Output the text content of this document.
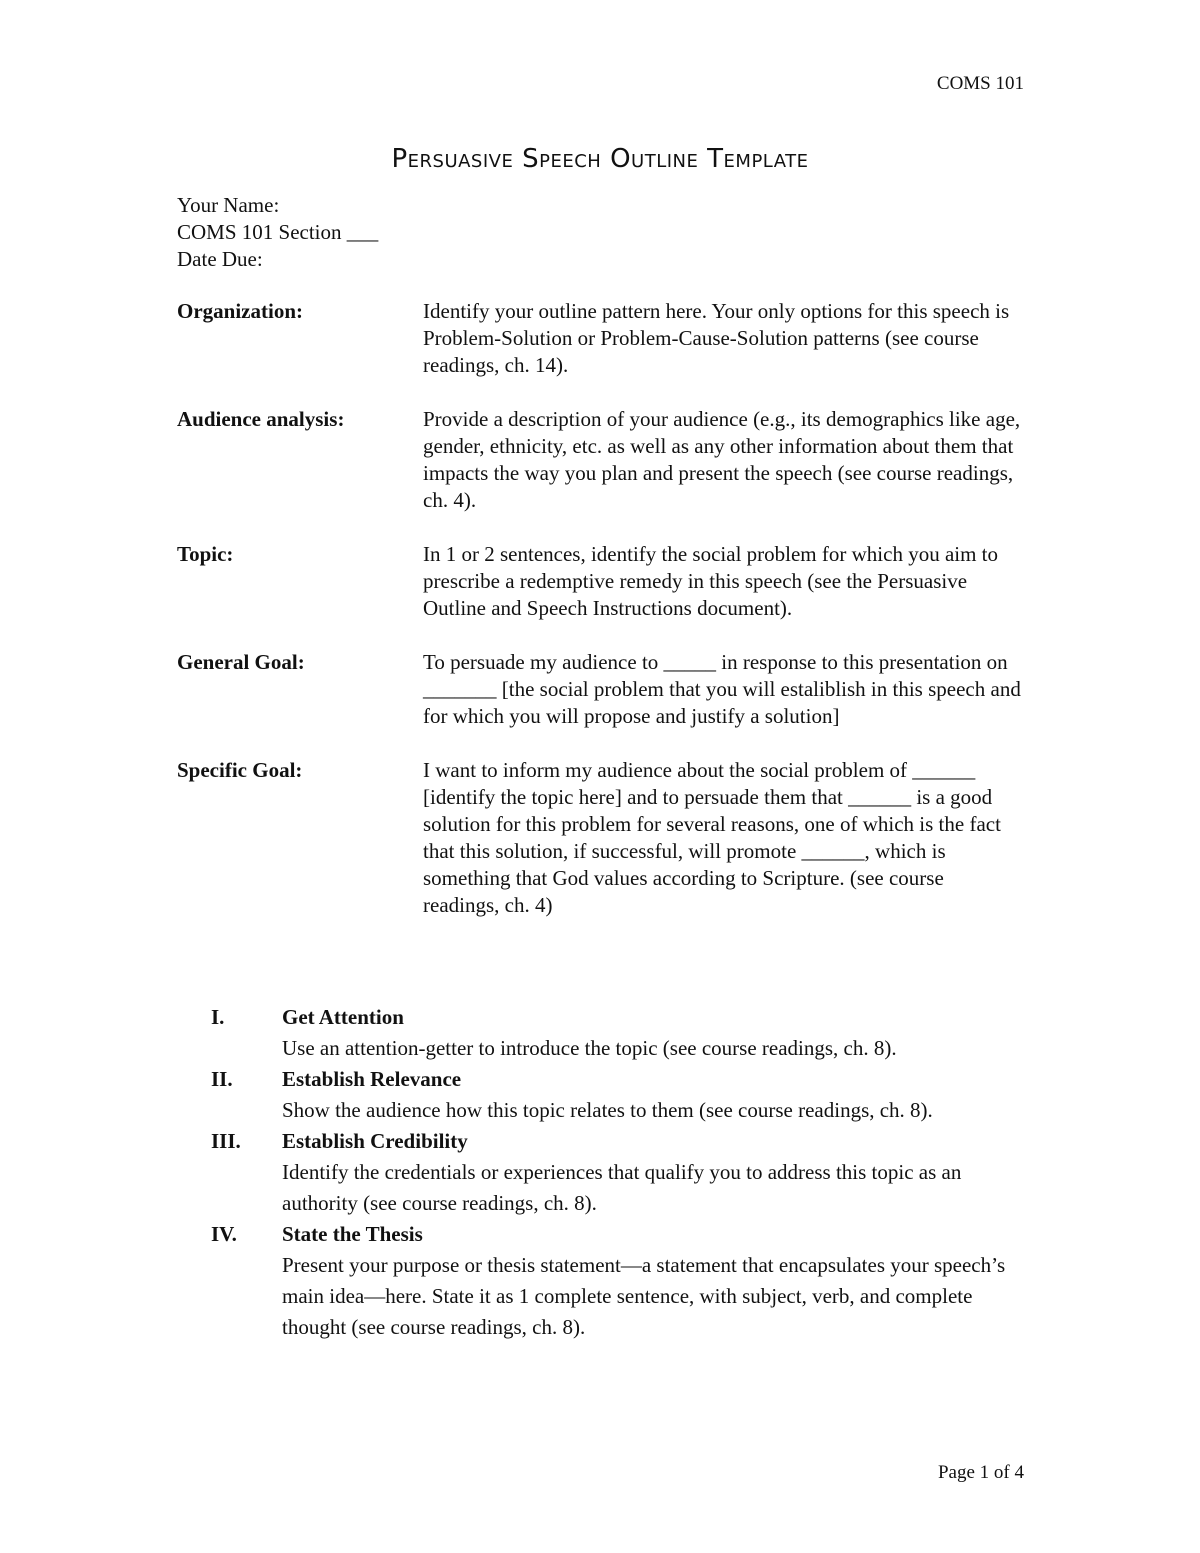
COMS 101
Persuasive Speech Outline Template
Your Name:
COMS 101 Section ___
Date Due:
Organization:	Identify your outline pattern here. Your only options for this speech is Problem-Solution or Problem-Cause-Solution patterns (see course readings, ch. 14).
Audience analysis:	Provide a description of your audience (e.g., its demographics like age, gender, ethnicity, etc. as well as any other information about them that impacts the way you plan and present the speech (see course readings, ch. 4).
Topic:	In 1 or 2 sentences, identify the social problem for which you aim to prescribe a redemptive remedy in this speech (see the Persuasive Outline and Speech Instructions document).
General Goal:	To persuade my audience to _____ in response to this presentation on _______ [the social problem that you will estaliblish in this speech and for which you will propose and justify a solution]
Specific Goal:	I want to inform my audience about the social problem of ______ [identify the topic here] and to persuade them that ______ is a good solution for this problem for several reasons, one of which is the fact that this solution, if successful, will promote ______, which is something that God values according to Scripture. (see course readings, ch. 4)
I.	Get Attention
Use an attention-getter to introduce the topic (see course readings, ch. 8).
II.	Establish Relevance
Show the audience how this topic relates to them (see course readings, ch. 8).
III.	Establish Credibility
Identify the credentials or experiences that qualify you to address this topic as an authority (see course readings, ch. 8).
IV.	State the Thesis
Present your purpose or thesis statement—a statement that encapsulates your speech’s main idea—here. State it as 1 complete sentence, with subject, verb, and complete thought (see course readings, ch. 8).
Page 1 of 4
